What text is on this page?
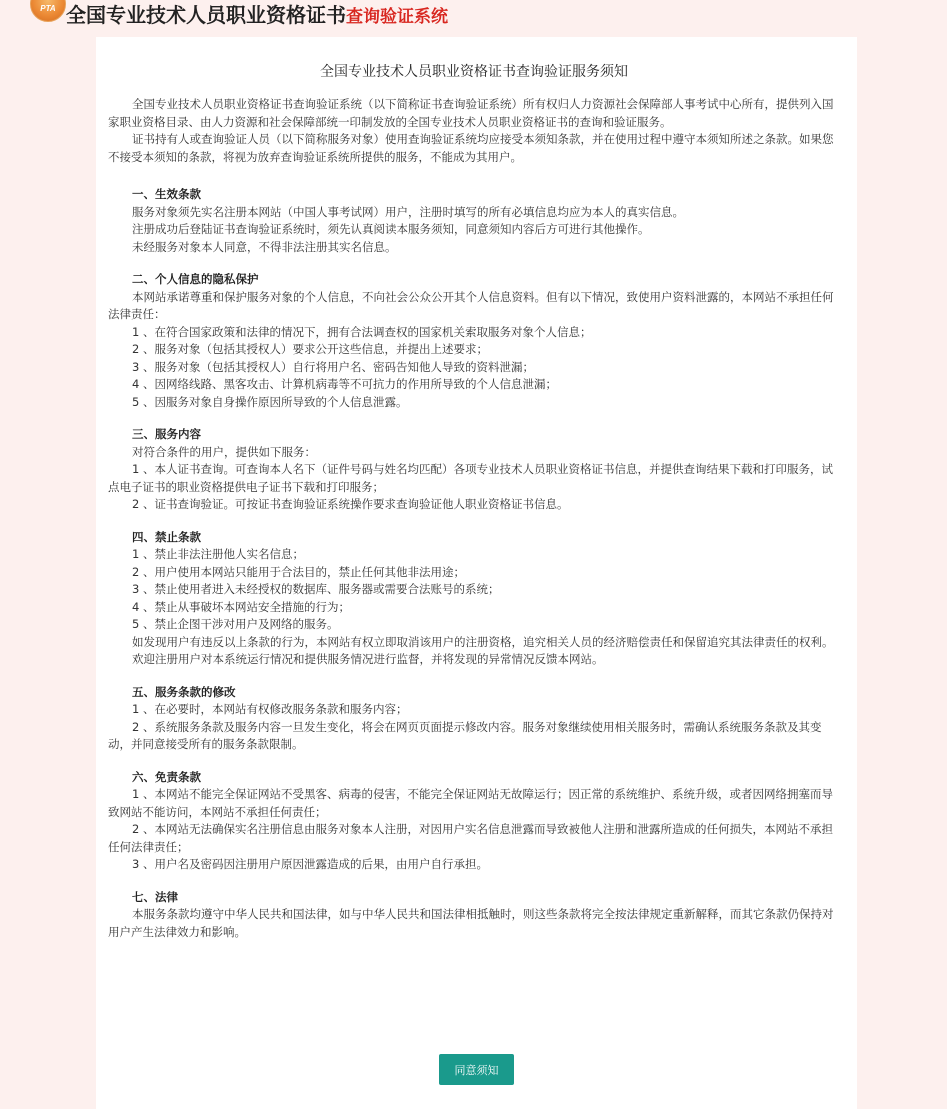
PTA 全国专业技术人员职业资格证书查询验证系统
全国专业技术人员职业资格证书查询验证服务须知

全国专业技术人员职业资格证书查询验证系统（以下简称证书查询验证系统）所有权归人力资源社会保障部人事考试中心所有，提供列入国家职业资格目录、由人力资源和社会保障部统一印制发放的全国专业技术人员职业资格证书的查询和验证服务。

证书持有人或查询验证人员（以下简称服务对象）使用查询验证系统均应接受本须知条款，并在使用过程中遵守本须知所述之条款。如果您不接受本须知的条款，将视为放弃查询验证系统所提供的服务，不能成为其用户。

一、生效条款

服务对象须先实名注册本网站（中国人事考试网）用户，注册时填写的所有必填信息均应为本人的真实信息。

注册成功后登陆证书查询验证系统时，须先认真阅读本服务须知，同意须知内容后方可进行其他操作。

未经服务对象本人同意，不得非法注册其实名信息。

二、个人信息的隐私保护

本网站承诺尊重和保护服务对象的个人信息，不向社会公众公开其个人信息资料。但有以下情况，致使用户资料泄露的，本网站不承担任何法律责任：

1 、在符合国家政策和法律的情况下，拥有合法调查权的国家机关索取服务对象个人信息；

2 、服务对象（包括其授权人）要求公开这些信息，并提出上述要求；

3 、服务对象（包括其授权人）自行将用户名、密码告知他人导致的资料泄漏；

4 、因网络线路、黑客攻击、计算机病毒等不可抗力的作用所导致的个人信息泄漏；

5 、因服务对象自身操作原因所导致的个人信息泄露。

三、服务内容

对符合条件的用户，提供如下服务：

1 、本人证书查询。可查询本人名下（证件号码与姓名均匹配）各项专业技术人员职业资格证书信息，并提供查询结果下载和打印服务，试点电子证书的职业资格提供电子证书下载和打印服务；

2 、证书查询验证。可按证书查询验证系统操作要求查询验证他人职业资格证书信息。

四、禁止条款

1 、禁止非法注册他人实名信息；

2 、用户使用本网站只能用于合法目的，禁止任何其他非法用途；

3 、禁止使用者进入未经授权的数据库、服务器或需要合法账号的系统；

4 、禁止从事破坏本网站安全措施的行为；

5 、禁止企图干涉对用户及网络的服务。

如发现用户有违反以上条款的行为，本网站有权立即取消该用户的注册资格，追究相关人员的经济赔偿责任和保留追究其法律责任的权利。

欢迎注册用户对本系统运行情况和提供服务情况进行监督，并将发现的异常情况反馈本网站。

五、服务条款的修改

1 、在必要时，本网站有权修改服务条款和服务内容；

2 、系统服务条款及服务内容一旦发生变化，将会在网页页面提示修改内容。服务对象继续使用相关服务时，需确认系统服务条款及其变动，并同意接受所有的服务条款限制。

六、免责条款

1 、本网站不能完全保证网站不受黑客、病毒的侵害，不能完全保证网站无故障运行；因正常的系统维护、系统升级，或者因网络拥塞而导致网站不能访问，本网站不承担任何责任；

2 、本网站无法确保实名注册信息由服务对象本人注册，对因用户实名信息泄露而导致被他人注册和泄露所造成的任何损失，本网站不承担任何法律责任；

3 、用户名及密码因注册用户原因泄露造成的后果，由用户自行承担。

七、法律

本服务条款均遵守中华人民共和国法律，如与中华人民共和国法律相抵触时，则这些条款将完全按法律规定重新解释，而其它条款仍保持对用户产生法律效力和影响。

同意须知
